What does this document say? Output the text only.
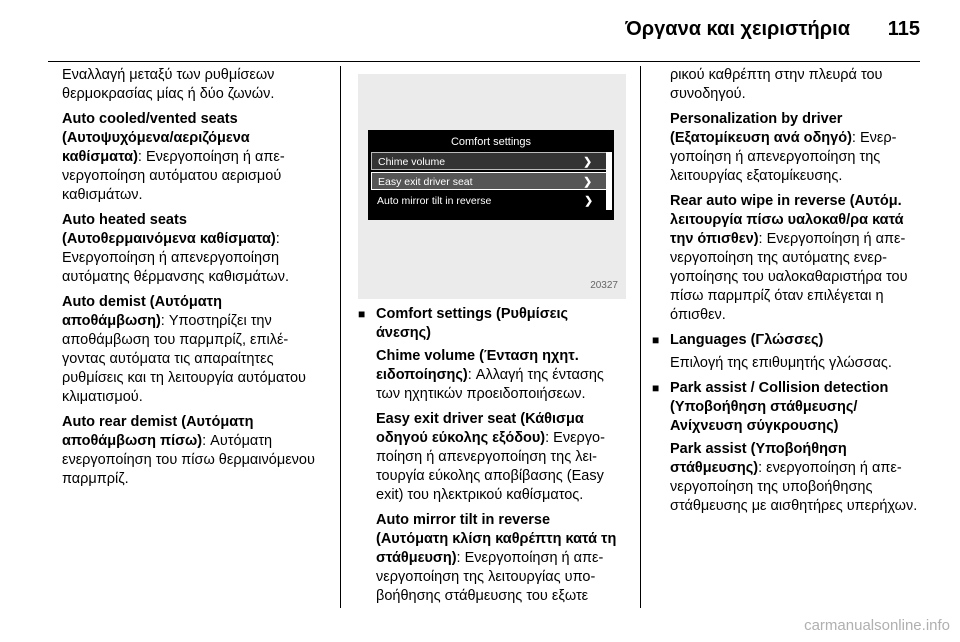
Όργανα και χειριστήρια 115

Εναλλαγή μεταξύ των ρυθμίσεων θερμοκρασίας μίας ή δύο ζωνών.

Auto cooled/vented seats (Αυτοψυχόμενα/αεριζόμενα καθίσματα): Ενεργοποίηση ή απενεργοποίηση αυτόματου αερισμού καθισμάτων.

Auto heated seats (Αυτοθερμαινόμενα καθίσματα): Ενεργοποίηση ή απενεργοποίηση αυτόματης θέρμανσης καθισμάτων.

Auto demist (Αυτόματη αποθάμβωση): Υποστηρίζει την αποθάμβωση του παρμπρίζ, επιλέγοντας αυτόματα τις απαραίτητες ρυθμίσεις και τη λειτουργία αυτόματου κλιματισμού.

Auto rear demist (Αυτόματη αποθάμβωση πίσω): Αυτόματη ενεργοποίηση του πίσω θερμαινόμενου παρμπρίζ.

Comfort settings
Chime volume	❯
Easy exit driver seat	❯
Auto mirror tilt in reverse	❯
20327
■ Comfort settings (Ρυθμίσεις άνεσης)

Chime volume (Ένταση ηχητ. ειδοποίησης): Αλλαγή της έντασης των ηχητικών προειδοποιήσεων.

Easy exit driver seat (Κάθισμα οδηγού εύκολης εξόδου): Ενεργοποίηση ή απενεργοποίηση της λειτουργία εύκολης αποβίβασης (Easy exit) του ηλεκτρικού καθίσματος.

Auto mirror tilt in reverse (Αυτόματη κλίση καθρέπτη κατά τη στάθμευση): Ενεργοποίηση ή απενεργοποίηση της λειτουργίας υποβοήθησης στάθμευσης του εξωτε

ρικού καθρέπτη στην πλευρά του συνοδηγού.

Personalization by driver (Εξατομίκευση ανά οδηγό): Ενεργοποίηση ή απενεργοποίηση της λειτουργίας εξατομίκευσης.

Rear auto wipe in reverse (Αυτόμ. λειτουργία πίσω υαλοκαθ/ρα κατά την όπισθεν): Ενεργοποίηση ή απενεργοποίηση της αυτόματης ενεργοποίησης του υαλοκαθαριστήρα του πίσω παρμπρίζ όταν επιλέγεται η όπισθεν.

■ Languages (Γλώσσες)

Επιλογή της επιθυμητής γλώσσας.

■ Park assist / Collision detection (Υποβοήθηση στάθμευσης/ Ανίχνευση σύγκρουσης)

Park assist (Υποβοήθηση στάθμευσης): ενεργοποίηση ή απενεργοποίηση της υποβοήθησης στάθμευσης με αισθητήρες υπερήχων.

carmanualsonline.info
